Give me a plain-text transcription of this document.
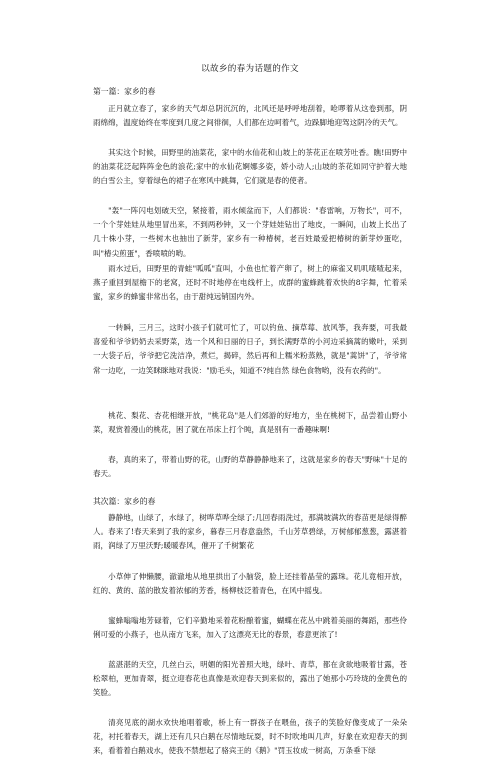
以故乡的春为话题的作文
第一篇：家乡的春

正月就立春了，家乡的天气却总阴沉沉的，北风还是呼呼地刮着，呛啰着从这卷到那，阴雨绵绵，温度始终在零度到几度之间徘徊，人们都在边呵着气，边跺脚地迎驾这阴冷的天气。

其实这个时候，田野里的油菜花，家中的水仙花和山坡上的茶花正在喷芳吐香。瞧!田野中的油菜花泛起阵阵金色的浪花;家中的水仙花婀娜多姿，娇小动人;山坡的茶花如同守护着大地的白雪公主，穿着绿色的裙子在寒风中跳舞，它们就是春的使者。

"轰"一阵闪电划破天空，紧接着，雨水倾盆而下，人们都说："春雷响，万物长"，可不，一个个芽娃娃从地里冒出来，不到两秒钟，又一个芽娃娃钻出了地皮，一瞬间，山坡上长出了几十株小芽，一些树木也抽出了新芽，家乡有一种椿树，老百姓最爱把椿树的新芽炒蛋吃，叫"椿尖煎蛋"，香喷喷的哟。

雨水过后，田野里的青蛙"呱呱"直叫，小鱼也忙着产卵了，树上的麻雀又叽叽喳喳起来，燕子重回到屋檐下的老窝，还时不时地停在电线杆上，成群的蜜蜂跳着欢快的8字舞，忙着采蜜，家乡的蜂蜜非常出名，由于甜纯远销国内外。

一转瞬，三月三，这时小孩子们就可忙了，可以钓鱼、摘草莓、放风筝，我奔要，可我最喜爱和爷爷奶奶去采野菜，选一个风和日丽的日子，到长满野草的小河边采摘蒿的嫩叶，采到一大袋子后，爷爷把它洗洁净，煮烂，揭碎，然后再和上糯米粉蒸熟，就是"蒿饼"了，爷爷常常一边吃，一边笑眯眯地对我说："励毛头，知道不?纯自然 绿色食物哟，没有农药的"。

桃花、梨花、杏花相继开放，"桃花岛"是人们郊游的好地方，坐在桃树下，品尝着山野小菜，观赏着漫山的桃花，困了就在吊床上打个盹，真是别有一番趣味啊!

春，真的来了，带着山野的花，山野的草静静静地来了，这就是家乡的春天"野味"十足的春天。

其次篇：家乡的春

静静地，山绿了，水绿了，树哗草哗全绿了;几回春雨洗过，那满坡满坎的春苗更是绿得醉人。春来了!春天来到了我的家乡，暮春三月春意盎然，千山芳草碧绿，万树郁郁葱葱，露湛着雨，润绿了万里沃野;暖暖春风，催开了千树繁花

小草伸了伸懒腰，澈澈地从地里拱出了小脑袋，脸上还挂着晶莹的露珠。花儿竟相开放，红的、黄的、蓝的散发着浓郁的芳香，杨柳枝泛着青色，在风中摇曳。

蜜蜂嗡嗡地芳碌着，它们辛勤地采着花粉酿着蜜，蝴蝶在花丛中跳着美丽的舞蹈，那些伶俐可爱的小燕子，也从南方飞来，加入了这漂亮无比的春景，春意更浓了!

蓝湛湛的天空，几丝白云，明媚的阳光普照大地，绿叶、青草，都在贪欲地吸着甘露，苍松翠柏，更加青翠，挺立迎春花也真像是欢迎春天到来似的，露出了她那小巧玲珑的金黄色的笑脸。

清亮见底的湖水欢快地唱着歌，桥上有一群孩子在喂鱼，孩子的笑脸好像变成了一朵朵花，衬托着春天，湖上还有几只白鹅在尽情地玩耍，时不时吹地叫几声，好象在欢迎春天的到来，看着着白鹅戏水，使我不禁想起了骆宾王的《鹅》"罚玉妆成一树高，万条垂下绿
